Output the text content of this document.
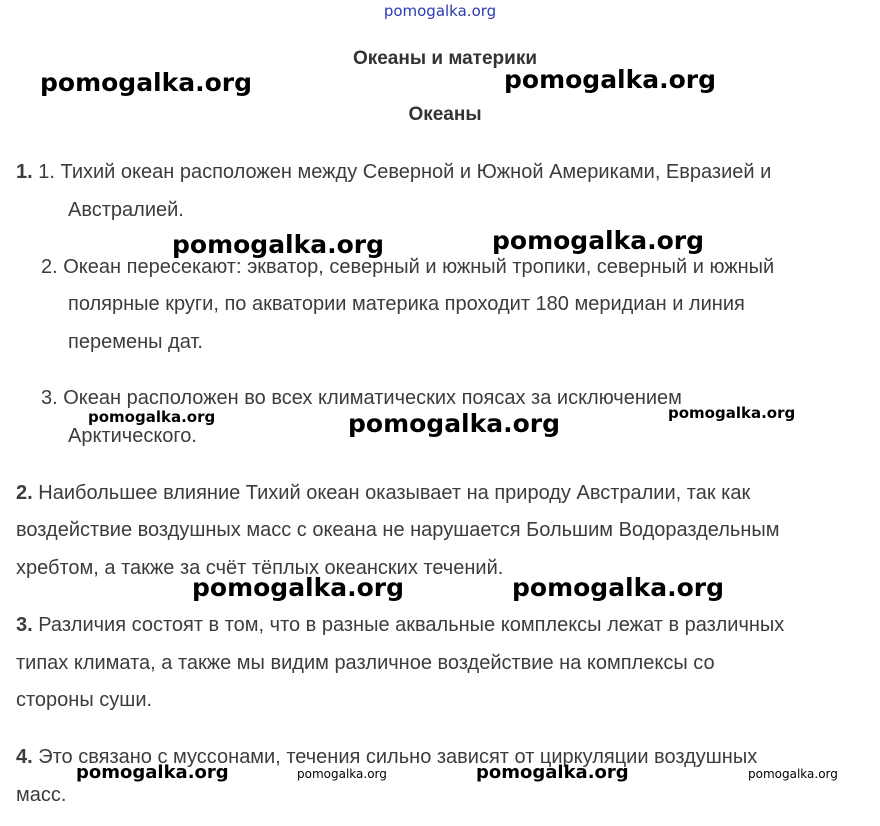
pomogalka.org
Океаны и материки
Океаны
1. 1. Тихий океан расположен между Северной и Южной Америками, Евразией и
Австралией.
2. Океан пересекают: экватор, северный и южный тропики, северный и южный
полярные круги, по акватории материка проходит 180 меридиан и линия
перемены дат.
3. Океан расположен во всех климатических поясах за исключением
Арктического.
2. Наибольшее влияние Тихий океан оказывает на природу Австралии, так как
воздействие воздушных масс с океана не нарушается Большим Водораздельным
хребтом, а также за счёт тёплых океанских течений.
3. Различия состоят в том, что в разные аквальные комплексы лежат в различных
типах климата, а также мы видим различное воздействие на комплексы со
стороны суши.
4. Это связано с муссонами, течения сильно зависят от циркуляции воздушных
масс.
pomogalka.org	pomogalka.org
pomogalka.org	pomogalka.org
pomogalka.org	pomogalka.org	pomogalka.org
pomogalka.org	pomogalka.org
pomogalka.org	pomogalka.org	pomogalka.org	pomogalka.org
